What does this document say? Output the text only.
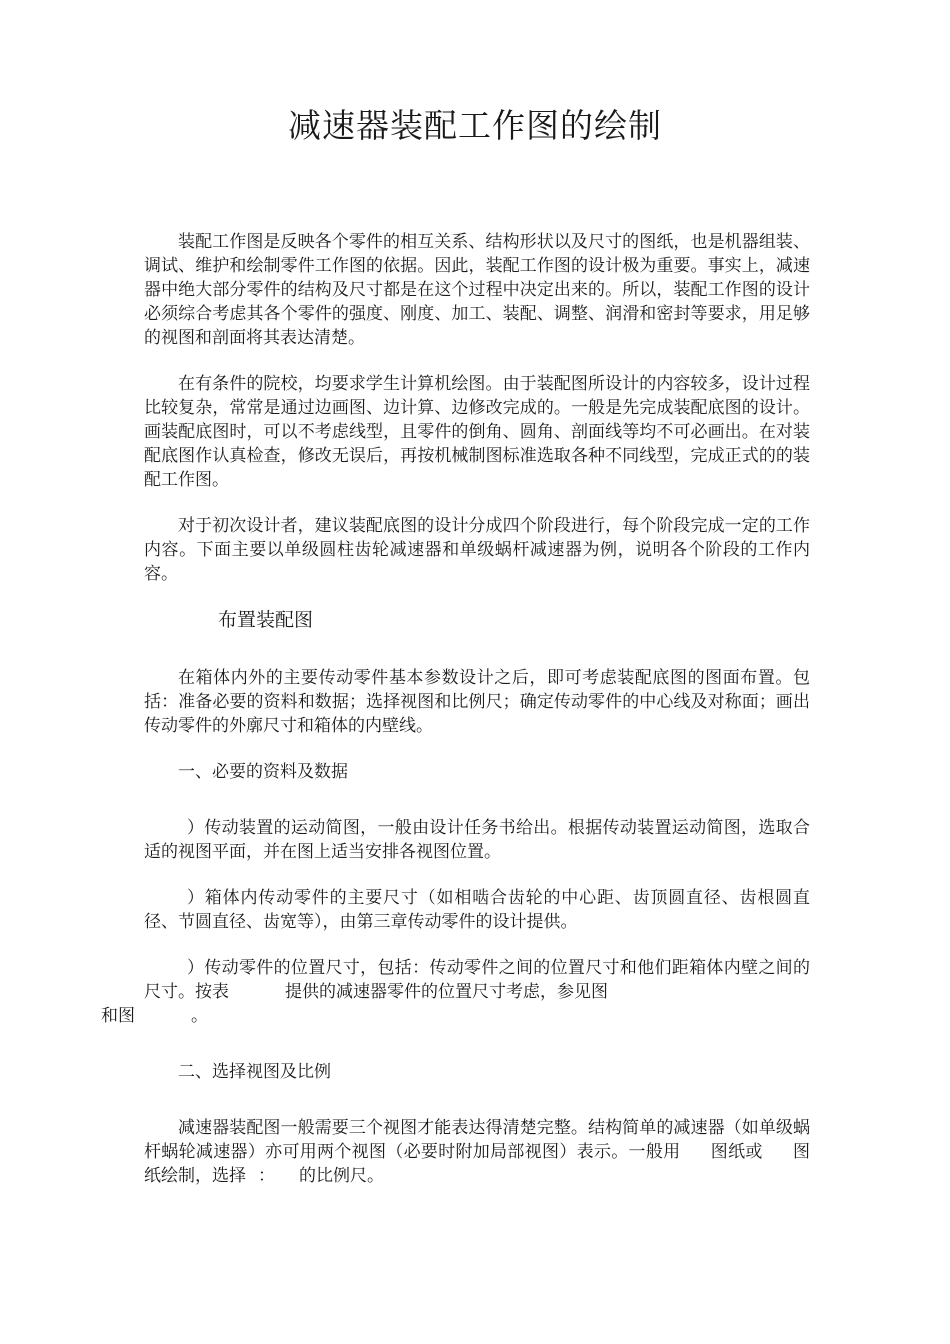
减速器装配工作图的绘制

装配工作图是反映各个零件的相互关系、结构形状以及尺寸的图纸，也是机器组装、调试、维护和绘制零件工作图的依据。因此，装配工作图的设计极为重要。事实上，减速器中绝大部分零件的结构及尺寸都是在这个过程中决定出来的。所以，装配工作图的设计必须综合考虑其各个零件的强度、刚度、加工、装配、调整、润滑和密封等要求，用足够的视图和剖面将其表达清楚。

在有条件的院校，均要求学生计算机绘图。由于装配图所设计的内容较多，设计过程比较复杂，常常是通过边画图、边计算、边修改完成的。一般是先完成装配底图的设计。画装配底图时，可以不考虑线型，且零件的倒角、圆角、剖面线等均不可必画出。在对装配底图作认真检查，修改无误后，再按机械制图标准选取各种不同线型，完成正式的的装配工作图。

对于初次设计者，建议装配底图的设计分成四个阶段进行，每个阶段完成一定的工作内容。下面主要以单级圆柱齿轮减速器和单级蜗杆减速器为例，说明各个阶段的工作内容。

布置装配图

在箱体内外的主要传动零件基本参数设计之后，即可考虑装配底图的图面布置。包括：准备必要的资料和数据；选择视图和比例尺；确定传动零件的中心线及对称面；画出传动零件的外廓尺寸和箱体的内壁线。

一、必要的资料及数据

）传动装置的运动简图，一般由设计任务书给出。根据传动装置运动简图，选取合适的视图平面，并在图上适当安排各视图位置。

）箱体内传动零件的主要尺寸（如相啮合齿轮的中心距、齿顶圆直径、齿根圆直径、节圆直径、齿宽等），由第三章传动零件的设计提供。

）传动零件的位置尺寸，包括：传动零件之间的位置尺寸和他们距箱体内壁之间的尺寸。按表	提供的减速器零件的位置尺寸考虑，参见图
和图	。

二、选择视图及比例

减速器装配图一般需要三个视图才能表达得清楚完整。结构简单的减速器（如单级蜗杆蜗轮减速器）亦可用两个视图（必要时附加局部视图）表示。一般用 图纸或 图纸绘制，选择 ： 的比例尺。
